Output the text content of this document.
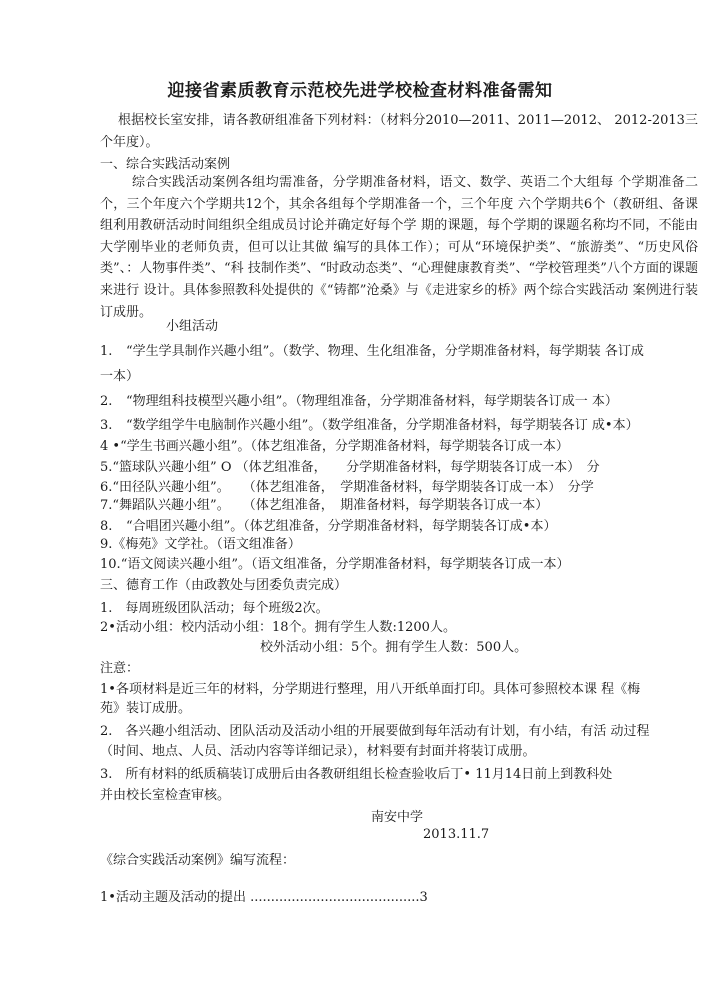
迎接省素质教育示范校先进学校检查材料准备需知

根据校长室安排，请各教研组准备下列材料：（材料分2010—2011、2011—2012、 2012-2013三个年度）。

一、综合实践活动案例

综合实践活动案例各组均需准备，分学期准备材料，语文、数学、英语二个大组每 个学期准备二个，三个年度六个学期共12个，其余各组每个学期准备一个，三个年度 六个学期共6个（教研组、备课组利用教研活动时间组织全组成员讨论并确定好每个学 期的课题，每个学期的课题名称均不同，不能由大学刚毕业的老师负责，但可以让其做 编写的具体工作）；可从“环境保护类”、“旅游类”、“历史风俗类”、：人物事件类”、“科 技制作类”、“时政动态类”、“心理健康教育类”、“学校管理类”八个方面的课题来进行 设计。具体参照教科处提供的《“铸都”沧桑》与《走进家乡的桥》两个综合实践活动 案例进行装订成册。

小组活动

1. “学生学具制作兴趣小组”。（数学、物理、生化组准备，分学期准备材料，每学期装 各订成
一本）
2. “物理组科技模型兴趣小组”。（物理组准备，分学期准备材料，每学期装各订成一 本）
3. “数学组学牛电脑制作兴趣小组”。（数学组准备，分学期准备材料，每学期装各订 成•本）
4 •“学生书画兴趣小组”。（体艺组准备，分学期准备材料，每学期装各订成一本）
5.“篮球队兴趣小组” O （体艺组准备，　　分学期准备材料，每学期装各订成一本）　分
6.“田径队兴趣小组”。　　（体艺组准备，　学期准备材料，每学期装各订成一本）　分学
7.“舞蹈队兴趣小组”。　　（体艺组准备，　期准备材料，每学期装各订成一本）
8. “合唱团兴趣小组”。（体艺组准备，分学期准备材料，每学期装各订成•本）
9.《梅苑》文学社。（语文组准备）
10.“语文阅读兴趣小组”。（语文组准备，分学期准备材料，每学期装各订成一本）

三、德育工作（由政教处与团委负责完成）

1.　每周班级团队活动；每个班级2次。

2•活动小组：校内活动小组：18个。拥有学生人数:1200人。

校外活动小组：5个。拥有学生人数：500人。

注意：

1•各项材料是近三年的材料，分学期进行整理，用八开纸单面打印。具体可参照校本课 程《梅

苑》装订成册。

2.　各兴趣小组活动、团队活动及活动小组的开展要做到每年活动有计划，有小结，有活 动过程

（时间、地点、人员、活动内容等详细记录），材料要有封面并将装订成册。

3.　所有材料的纸质稿装订成册后由各教研组组长检查验收后丁• 11月14日前上到教科处

并由校长室检查审核。

南安中学

2013.11.7

《综合实践活动案例》编写流程：

1•活动主题及活动的提出 .........................................3
